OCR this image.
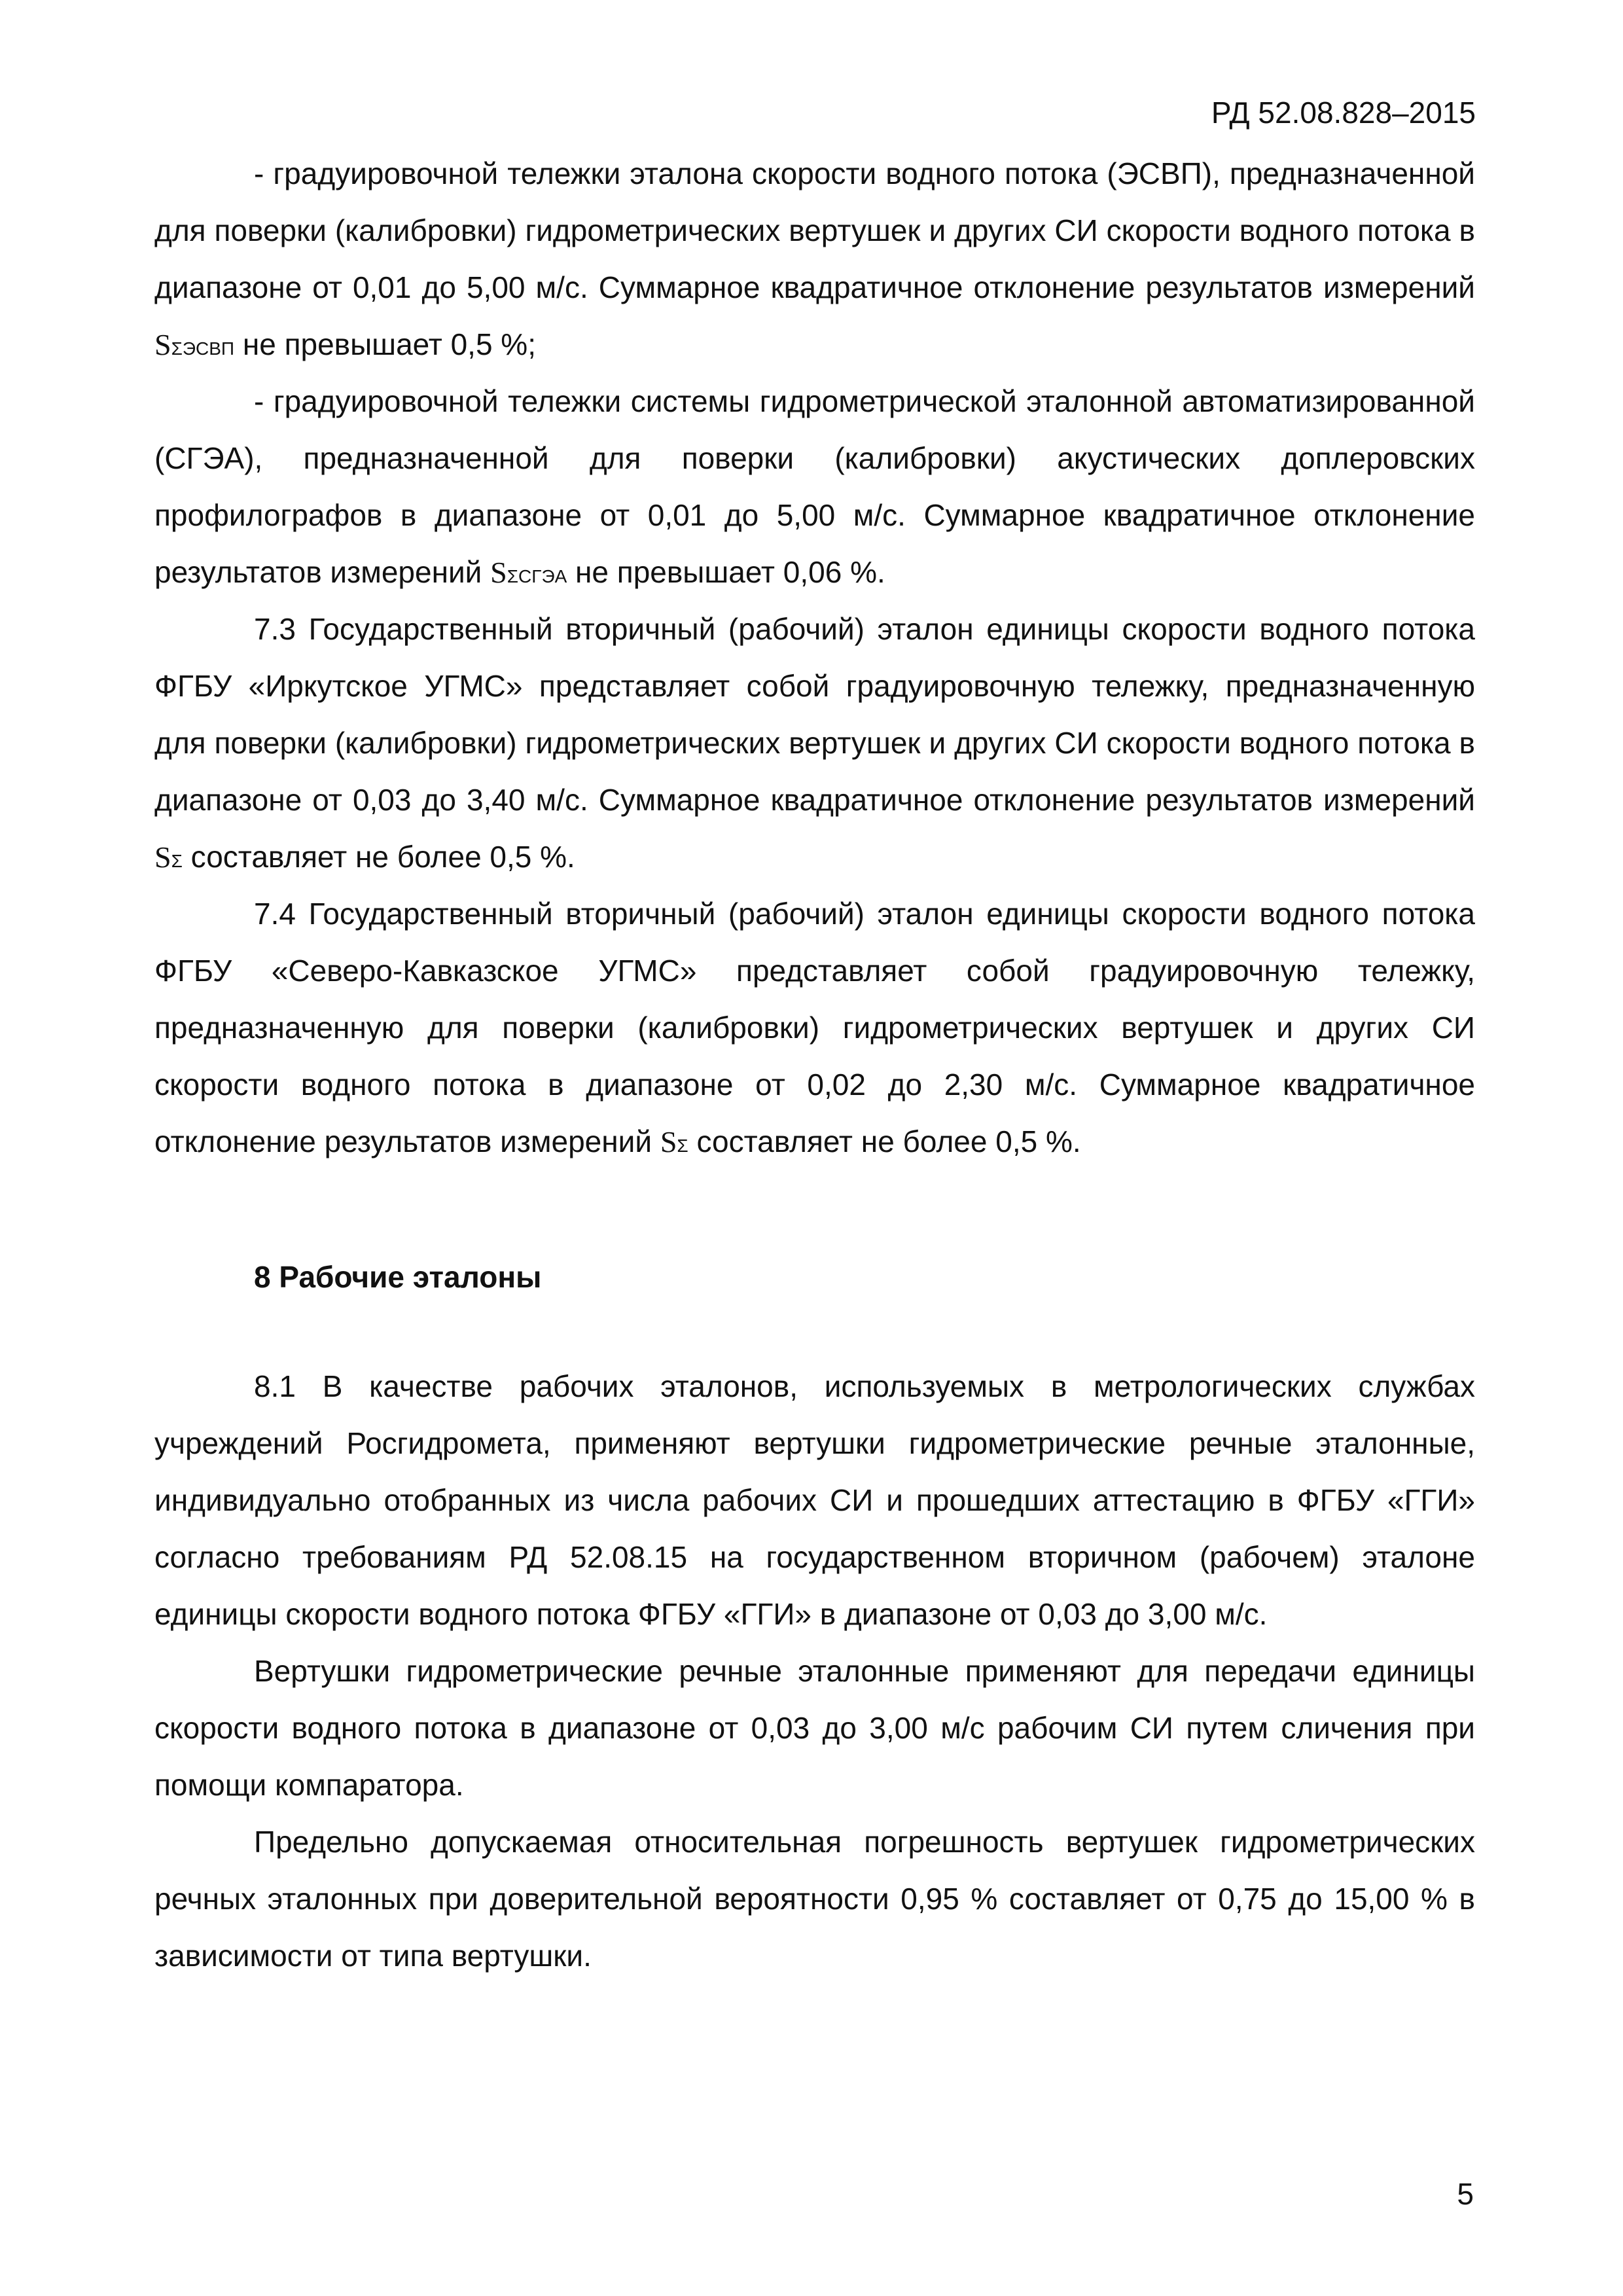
РД 52.08.828–2015

- градуировочной тележки эталона скорости водного потока (ЭСВП), предназначенной для поверки (калибровки) гидрометрических вертушек и других СИ скорости водного потока в диапазоне от 0,01 до 5,00 м/с. Суммарное квадратичное отклонение результатов измерений SΣЭСВП не превышает 0,5 %;

- градуировочной тележки системы гидрометрической эталонной автоматизированной (СГЭА), предназначенной для поверки (калибровки) акустических доплеровских профилографов в диапазоне от 0,01 до 5,00 м/с. Суммарное квадратичное отклонение результатов измерений SΣСГЭА не превышает 0,06 %.

7.3 Государственный вторичный (рабочий) эталон единицы скорости водного потока ФГБУ «Иркутское УГМС» представляет собой градуировочную тележку, предназначенную для поверки (калибровки) гидрометрических вертушек и других СИ скорости водного потока в диапазоне от 0,03 до 3,40 м/с. Суммарное квадратичное отклонение результатов измерений SΣ составляет не более 0,5 %.

7.4 Государственный вторичный (рабочий) эталон единицы скорости водного потока ФГБУ «Северо-Кавказское УГМС» представляет собой градуировочную тележку, предназначенную для поверки (калибровки) гидрометрических вертушек и других СИ скорости водного потока в диапазоне от 0,02 до 2,30 м/с. Суммарное квадратичное отклонение результатов измерений SΣ составляет не более 0,5 %.

8 Рабочие эталоны

8.1 В качестве рабочих эталонов, используемых в метрологических службах учреждений Росгидромета, применяют вертушки гидрометрические речные эталонные, индивидуально отобранных из числа рабочих СИ и прошедших аттестацию в ФГБУ «ГГИ» согласно требованиям РД 52.08.15 на государственном вторичном (рабочем) эталоне единицы скорости водного потока ФГБУ «ГГИ» в диапазоне от 0,03 до 3,00 м/с.

Вертушки гидрометрические речные эталонные применяют для передачи единицы скорости водного потока в диапазоне от 0,03 до 3,00 м/с рабочим СИ путем сличения при помощи компаратора.

Предельно допускаемая относительная погрешность вертушек гидрометрических речных эталонных при доверительной вероятности 0,95 % составляет от 0,75 до 15,00 % в зависимости от типа вертушки.

5
